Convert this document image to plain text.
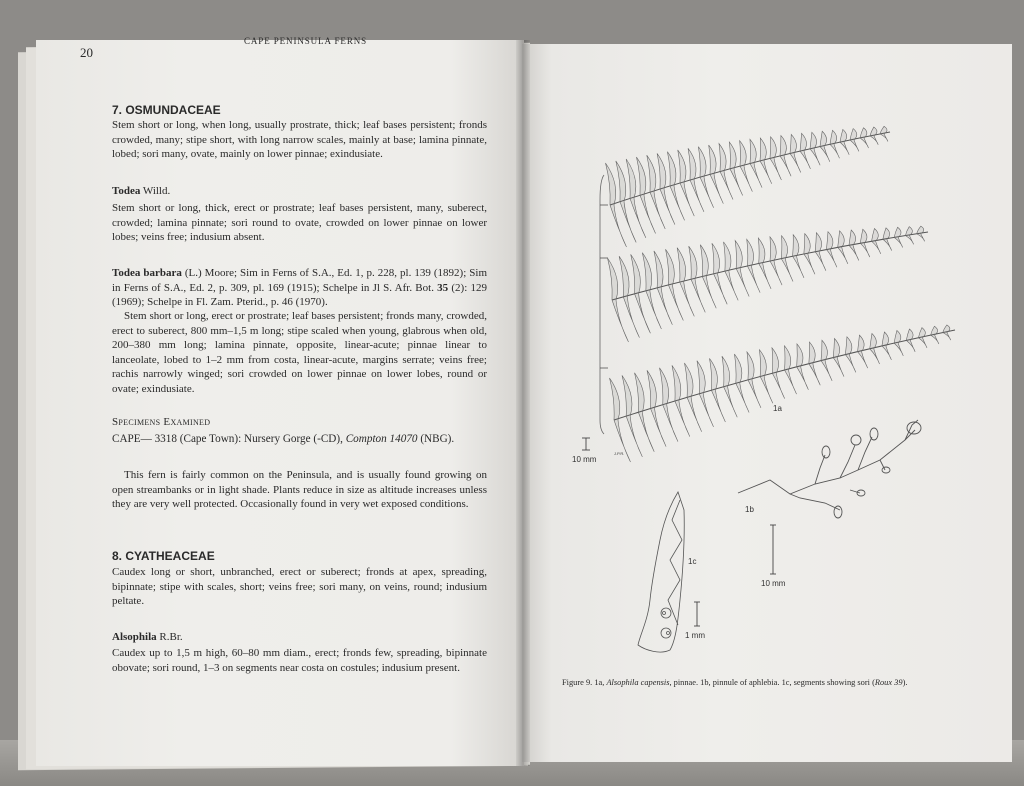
20
CAPE PENINSULA FERNS
7. OSMUNDACEAE
Stem short or long, when long, usually prostrate, thick; leaf bases persistent; fronds crowded, many; stipe short, with long narrow scales, mainly at base; lamina pinnate, lobed; sori many, ovate, mainly on lower pinnae; exindusiate.
Todea Willd.
Stem short or long, thick, erect or prostrate; leaf bases persistent, many, suberect, crowded; lamina pinnate; sori round to ovate, crowded on lower pinnae on lower lobes; veins free; indusium absent.
Todea barbara (L.) Moore; Sim in Ferns of S.A., Ed. 1, p. 228, pl. 139 (1892); Sim in Ferns of S.A., Ed. 2, p. 309, pl. 169 (1915); Schelpe in Jl S. Afr. Bot. 35 (2): 129 (1969); Schelpe in Fl. Zam. Pterid., p. 46 (1970).
Stem short or long, erect or prostrate; leaf bases persistent; fronds many, crowded, erect to suberect, 800 mm–1,5 m long; stipe scaled when young, glabrous when old, 200–380 mm long; lamina pinnate, opposite, linear-acute; pinnae linear to lanceolate, lobed to 1–2 mm from costa, linear-acute, margins serrate; veins free; rachis narrowly winged; sori crowded on lower pinnae on lower lobes, round or ovate; exindusiate.
Specimens Examined
CAPE— 3318 (Cape Town): Nursery Gorge (-CD), Compton 14070 (NBG).
This fern is fairly common on the Peninsula, and is usually found growing on open streambanks or in light shade. Plants reduce in size as altitude increases unless they are very well protected. Occasionally found in very wet exposed conditions.
8. CYATHEACEAE
Caudex long or short, unbranched, erect or suberect; fronds at apex, spreading, bipinnate; stipe with scales, short; veins free; sori many, on veins, round; indusium peltate.
Alsophila R.Br.
Caudex up to 1,5 m high, 60–80 mm diam., erect; fronds few, spreading, bipinnate obovate; sori round, 1–3 on segments near costa on costules; indusium present.
1a
1b
1c
10 mm
10 mm
1 mm
J.P.R.
Figure 9. 1a, Alsophila capensis, pinnae. 1b, pinnule of aphlebia. 1c, segments showing sori (Roux 39).
